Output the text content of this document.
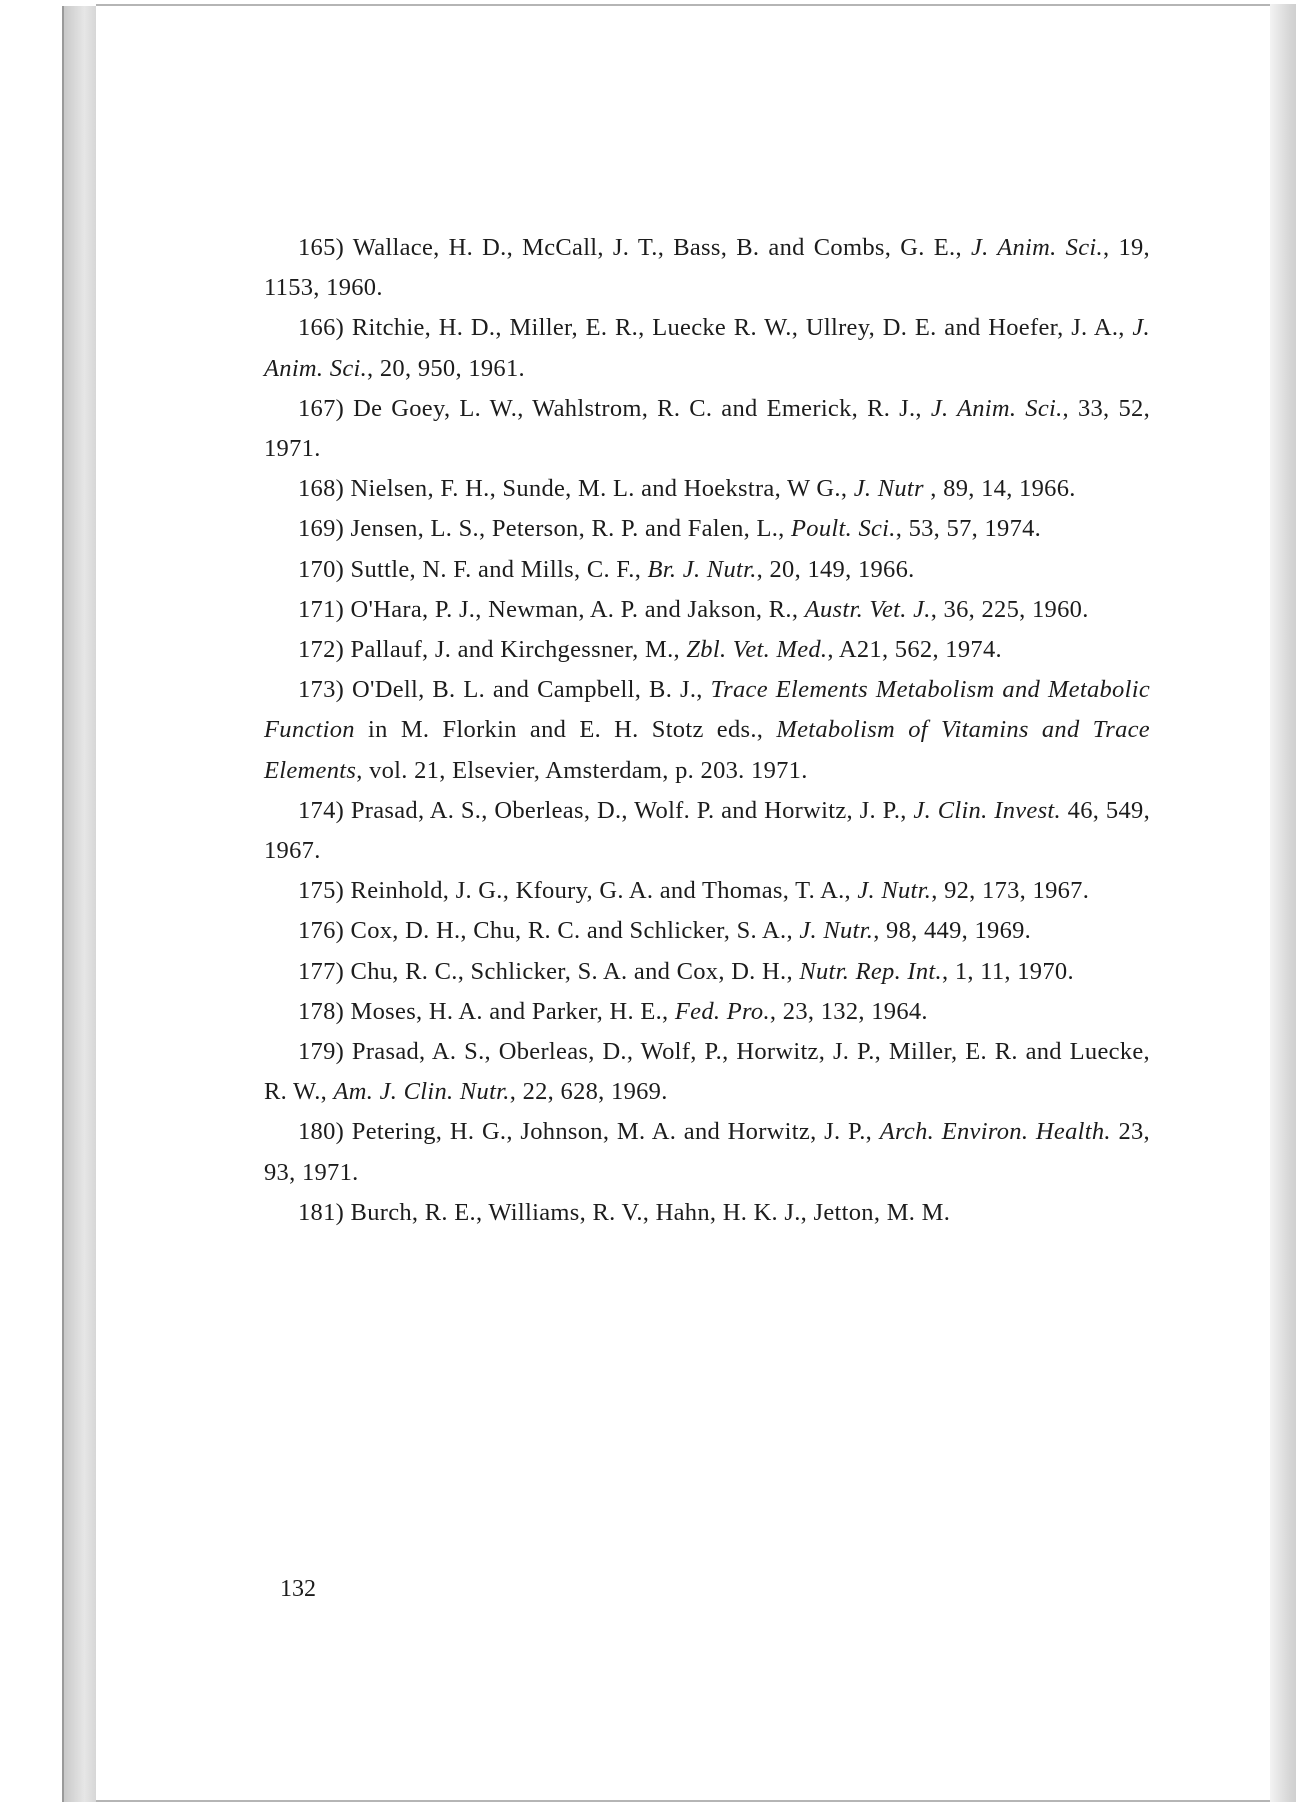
165) Wallace, H. D., McCall, J. T., Bass, B. and Combs, G. E., J. Anim. Sci., 19, 1153, 1960.

166) Ritchie, H. D., Miller, E. R., Luecke R. W., Ullrey, D. E. and Hoefer, J. A., J. Anim. Sci., 20, 950, 1961.

167) De Goey, L. W., Wahlstrom, R. C. and Emerick, R. J., J. Anim. Sci., 33, 52, 1971.

168) Nielsen, F. H., Sunde, M. L. and Hoekstra, W G., J. Nutr , 89, 14, 1966.

169) Jensen, L. S., Peterson, R. P. and Falen, L., Poult. Sci., 53, 57, 1974.

170) Suttle, N. F. and Mills, C. F., Br. J. Nutr., 20, 149, 1966.

171) O'Hara, P. J., Newman, A. P. and Jakson, R., Austr. Vet. J., 36, 225, 1960.

172) Pallauf, J. and Kirchgessner, M., Zbl. Vet. Med., A21, 562, 1974.

173) O'Dell, B. L. and Campbell, B. J., Trace Elements Metabolism and Metabolic Function in M. Florkin and E. H. Stotz eds., Metabolism of Vitamins and Trace Elements, vol. 21, Elsevier, Amsterdam, p. 203. 1971.

174) Prasad, A. S., Oberleas, D., Wolf. P. and Horwitz, J. P., J. Clin. Invest. 46, 549, 1967.

175) Reinhold, J. G., Kfoury, G. A. and Thomas, T. A., J. Nutr., 92, 173, 1967.

176) Cox, D. H., Chu, R. C. and Schlicker, S. A., J. Nutr., 98, 449, 1969.

177) Chu, R. C., Schlicker, S. A. and Cox, D. H., Nutr. Rep. Int., 1, 11, 1970.

178) Moses, H. A. and Parker, H. E., Fed. Pro., 23, 132, 1964.

179) Prasad, A. S., Oberleas, D., Wolf, P., Horwitz, J. P., Miller, E. R. and Luecke, R. W., Am. J. Clin. Nutr., 22, 628, 1969.

180) Petering, H. G., Johnson, M. A. and Horwitz, J. P., Arch. Environ. Health. 23, 93, 1971.

181) Burch, R. E., Williams, R. V., Hahn, H. K. J., Jetton, M. M.

132
